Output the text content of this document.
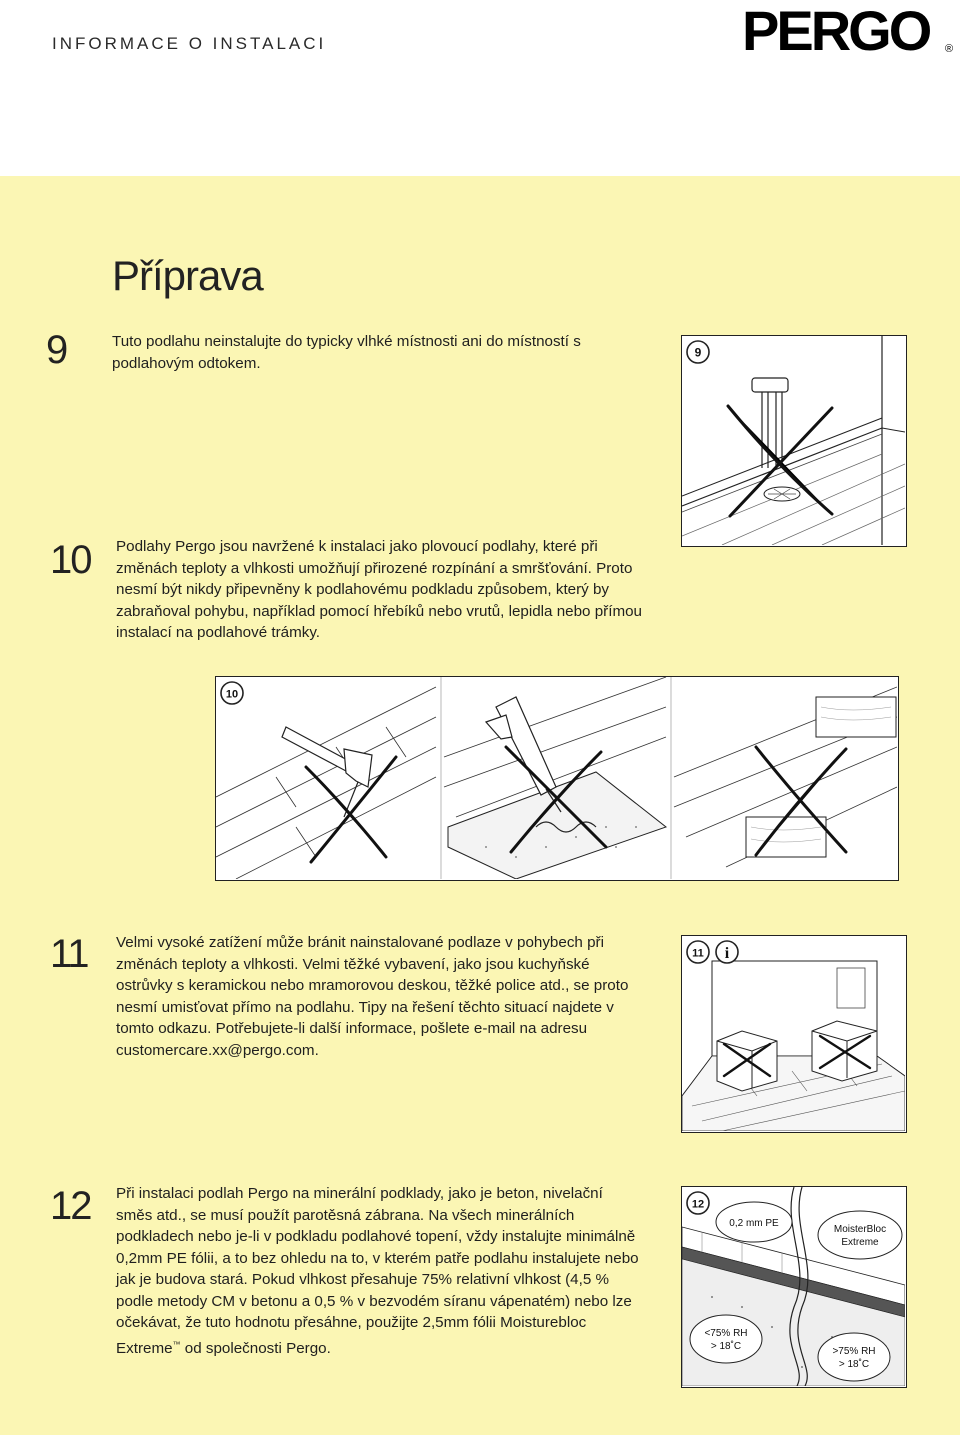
INFORMACE O INSTALACI	PERGO ®
Příprava
9	Tuto podlahu neinstalujte do typicky vlhké místnosti ani do místností s podlahovým odtokem.
9
10 Podlahy Pergo jsou navržené k instalaci jako plovoucí podlahy, které při změnách teploty a vlhkosti umožňují přirozené rozpínání a smršťování. Proto nesmí být nikdy připevněny k podlahovému podkladu způsobem, který by zabraňoval pohybu, například pomocí hřebíků nebo vrutů, lepidla nebo přímou instalací na podlahové trámky.
10
11 Velmi vysoké zatížení může bránit nainstalované podlaze v pohybech při změnách teploty a vlhkosti. Velmi těžké vybavení, jako jsou kuchyňské ostrůvky s keramickou nebo mramorovou deskou, těžké police atd., se proto nesmí umisťovat přímo na podlahu. Tipy na řešení těchto situací najdete v tomto odkazu. Potřebujete-li další informace, pošlete e-mail na adresu customercare.xx@pergo.com.
11 i
12 Při instalaci podlah Pergo na minerální podklady, jako je beton, nivelační směs atd., se musí použít parotěsná zábrana. Na všech minerálních podkladech nebo je-li v podkladu podlahové topení, vždy instalujte minimálně 0,2mm PE fólii, a to bez ohledu na to, v kterém patře podlahu instalujete nebo jak je budova stará. Pokud vlhkost přesahuje 75% relativní vlhkost (4,5 % podle metody CM v betonu a 0,5 % v bezvodém síranu vápenatém) nebo lze očekávat, že tuto hodnotu přesáhne, použijte 2,5mm fólii Moisturebloc Extreme™ od společnosti Pergo.
0,2 mm PE
MoisterBloc
Extreme
<75% RH
> 18˚C	>75% RH
> 18˚C
12
